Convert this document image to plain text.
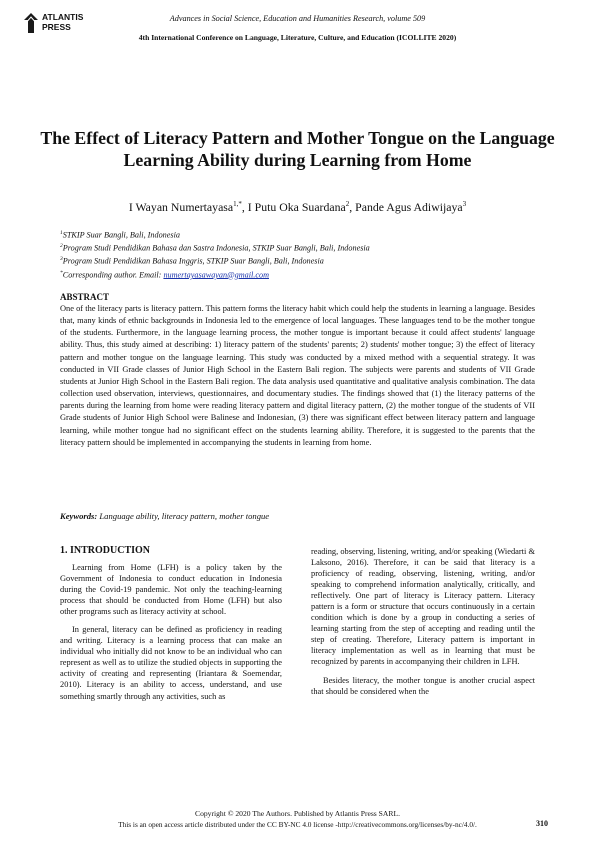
ATLANTIS
PRESS
Advances in Social Science, Education and Humanities Research, volume 509
4th International Conference on Language, Literature, Culture, and Education (ICOLLITE 2020)
The Effect of Literacy Pattern and Mother Tongue on the Language Learning Ability during Learning from Home
I Wayan Numertayasa$^{1,*}$, I Putu Oka Suardana$^2$, Pande Agus Adiwijaya$^3$
$^1$STKIP Suar Bangli, Bali, Indonesia
$^2$Program Studi Pendidikan Bahasa dan Sastra Indonesia, STKIP Suar Bangli, Bali, Indonesia
$^3$Program Studi Pendidikan Bahasa Inggris, STKIP Suar Bangli, Bali, Indonesia
*Corresponding author. Email: numertayasawayan@gmail.com
ABSTRACT
One of the literacy parts is literacy pattern. This pattern forms the literacy habit which could help the students in learning a language. Besides that, many kinds of ethnic backgrounds in Indonesia led to the emergence of local languages. These languages tend to be the mother tongue of the students. Furthermore, in the language learning process, the mother tongue is important because it could affect students' language ability. Thus, this study aimed at describing: 1) literacy pattern of the students' parents; 2) students' mother tongue; 3) the effect of literacy pattern and mother tongue on the language learning. This study was conducted by a mixed method with a sequential strategy. It was conducted in VII Grade classes of Junior High School in the Eastern Bali region. The subjects were parents and students of VII Grade students at Junior High School in the Eastern Bali region. The data analysis used quantitative and qualitative analysis combination. The data collection used observation, interviews, questionnaires, and documentary studies. The findings showed that (1) the literacy patterns of the parents during the learning from home were reading literacy pattern and digital literacy pattern, (2) the mother tongue of the students of VII Grade students of Junior High School were Balinese and Indonesian, (3) there was significant effect between literacy pattern and language learning, while mother tongue had no significant effect on the students learning ability. Therefore, it is suggested to the parents that the literacy pattern should be implemented in accompanying the students in learning from home.
Keywords: Language ability, literacy pattern, mother tongue
1. INTRODUCTION

Learning from Home (LFH) is a policy taken by the Government of Indonesia to conduct education in Indonesia during the Covid-19 pandemic. Not only the teaching-learning process that should be conducted from Home (LFH) but also other programs such as literacy activity at school.

In general, literacy can be defined as proficiency in reading and writing. Literacy is a learning process that can make an individual who initially did not know to be an individual who can represent as well as to utilize the studied objects in supporting the activity of creating and representing (Iriantara & Soemendar, 2010). Literacy is an ability to access, understand, and use something smartly through any activities, such as

reading, observing, listening, writing, and/or speaking (Wiedarti & Laksono, 2016). Therefore, it can be said that literacy is a proficiency of reading, observing, listening, writing, and/or speaking to comprehend information analytically, critically, and reflectively. One part of literacy is Literacy pattern. Literacy pattern is a form or structure that occurs continuously in a certain condition which is done by a group in conducting a series of learning starting from the step of accepting and reading until the step of creating. Therefore, Literacy pattern is important in literacy implementation as well as in learning that must be recognized by parents in accompanying their children in LFH.

Besides literacy, the mother tongue is another crucial aspect that should be considered when the

Copyright © 2020 The Authors. Published by Atlantis Press SARL.
This is an open access article distributed under the CC BY-NC 4.0 license -http://creativecommons.org/licenses/by-nc/4.0/.	310
